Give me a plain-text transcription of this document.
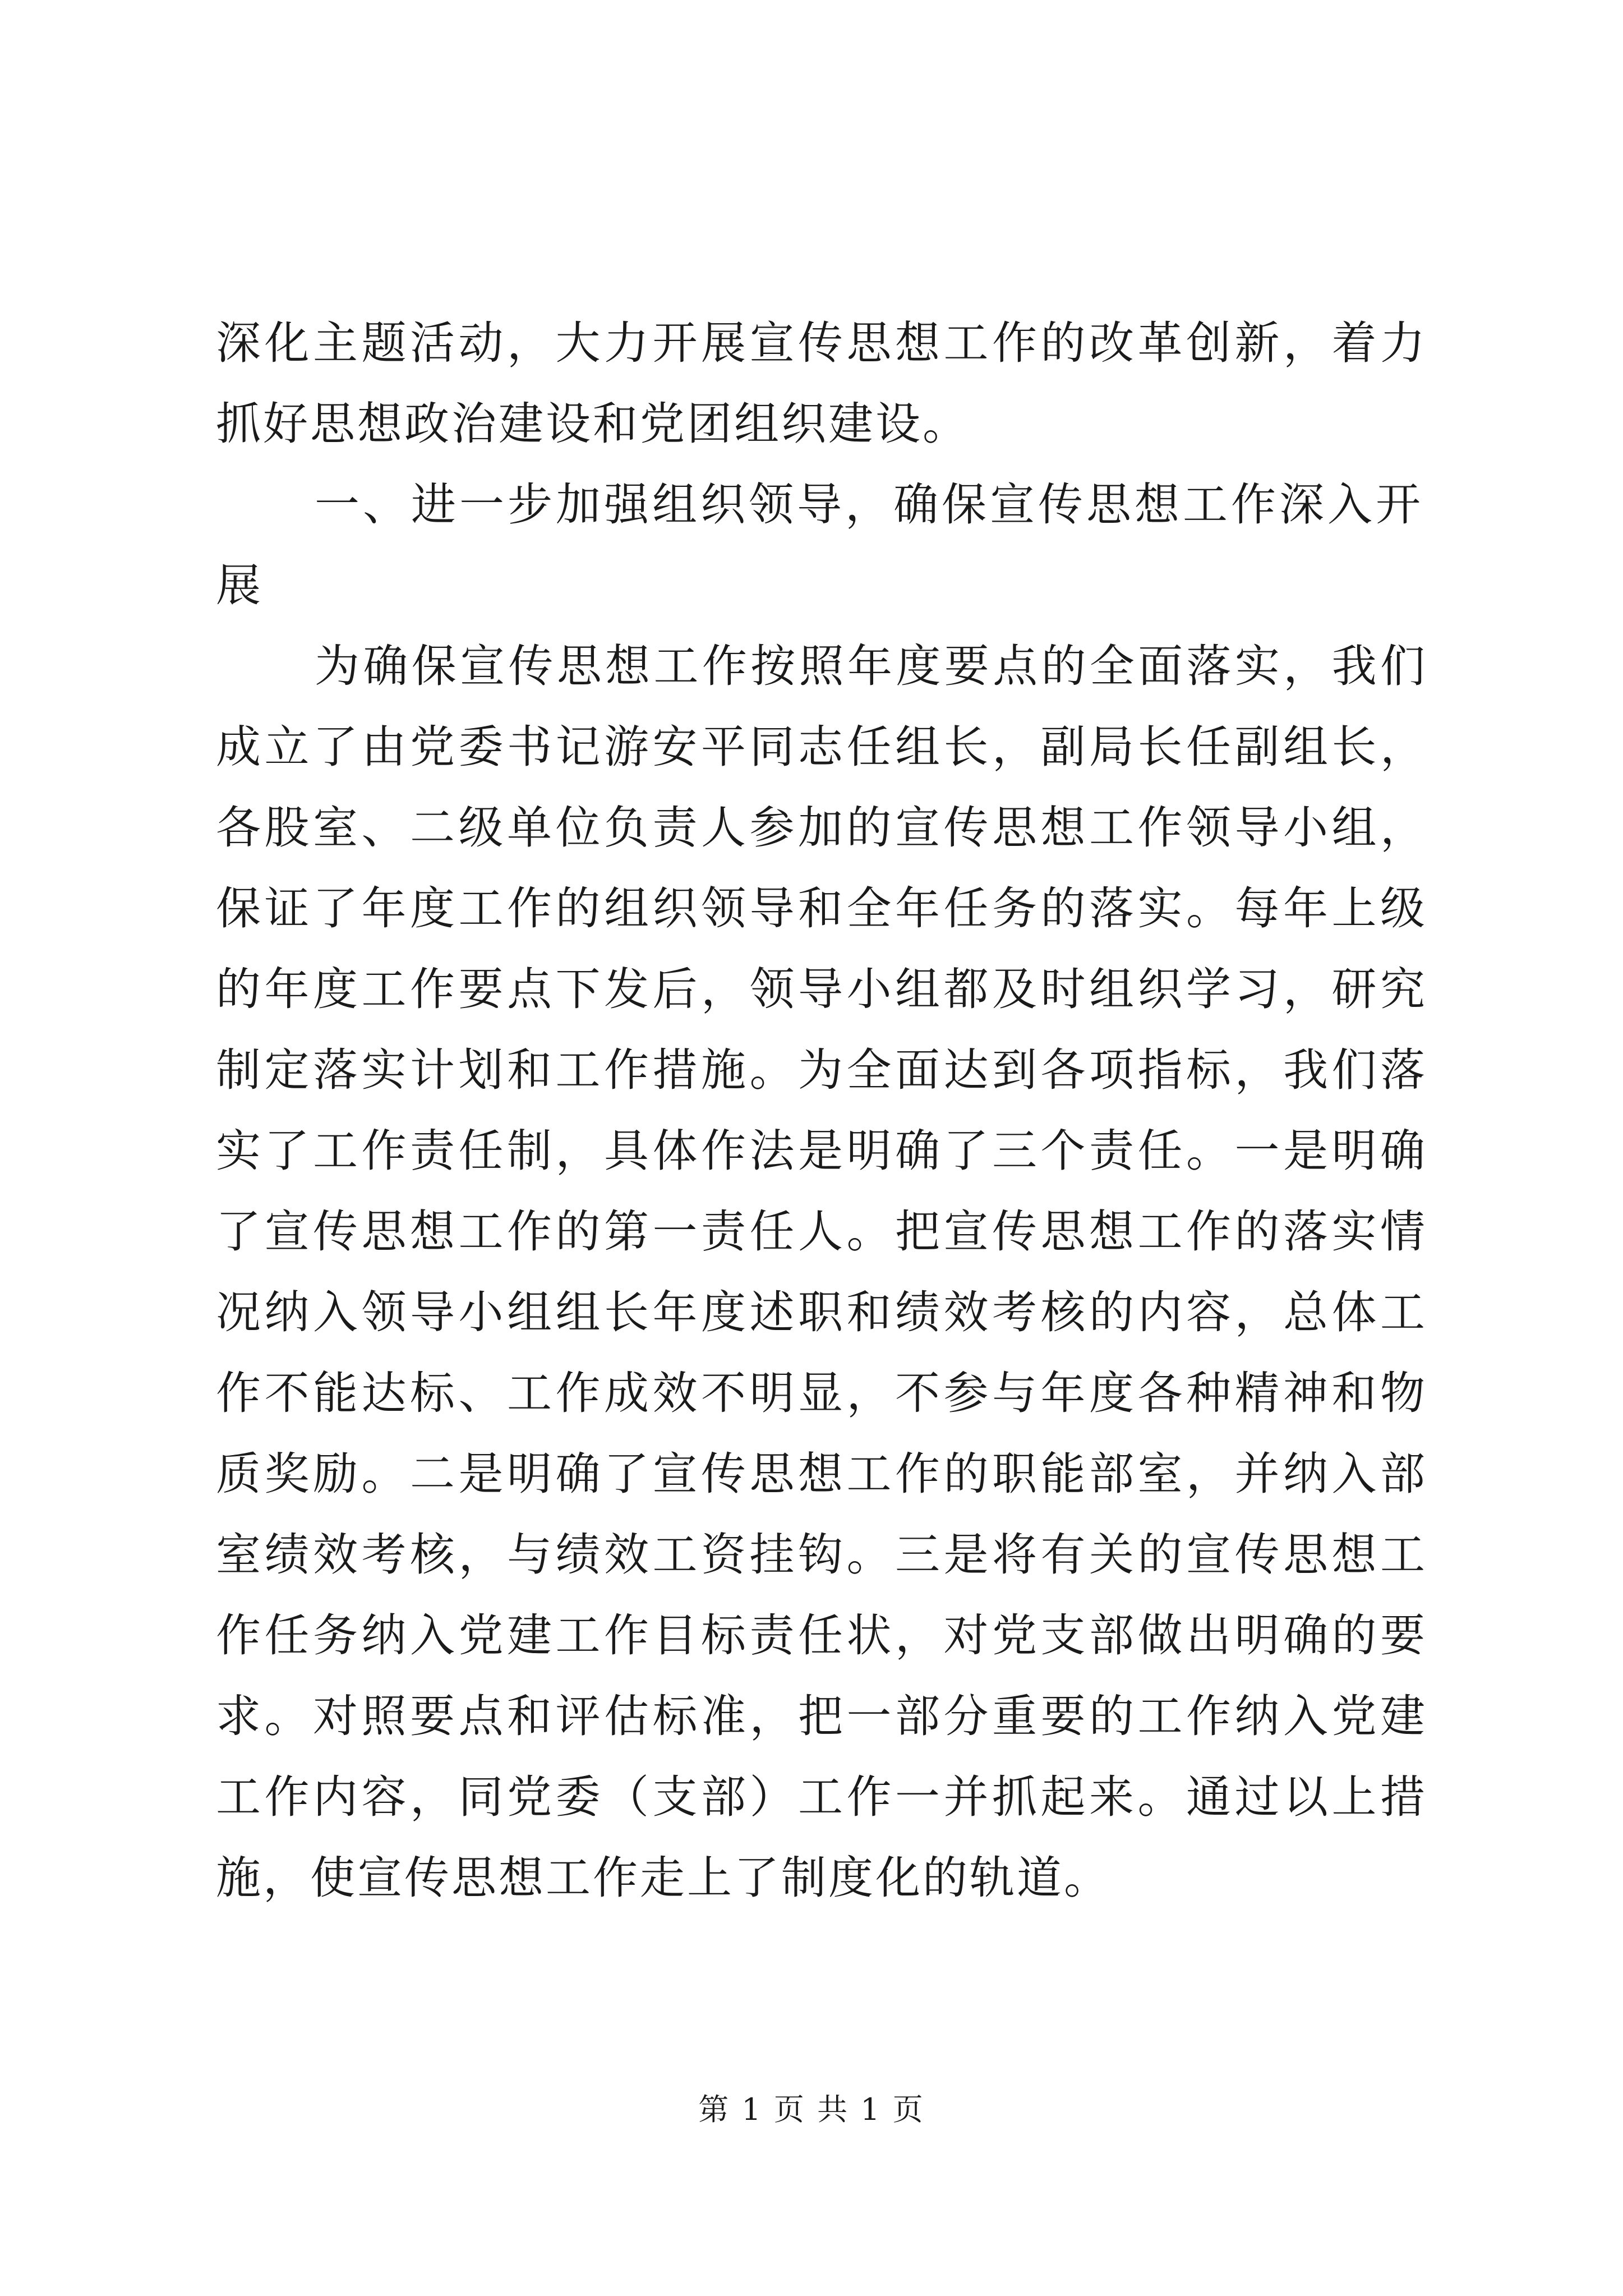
深化主题活动，大力开展宣传思想工作的改革创新，着力抓好思想政治建设和党团组织建设。

一、进一步加强组织领导，确保宣传思想工作深入开展

为确保宣传思想工作按照年度要点的全面落实，我们成立了由党委书记游安平同志任组长，副局长任副组长，各股室、二级单位负责人参加的宣传思想工作领导小组，保证了年度工作的组织领导和全年任务的落实。每年上级的年度工作要点下发后，领导小组都及时组织学习，研究制定落实计划和工作措施。为全面达到各项指标，我们落实了工作责任制，具体作法是明确了三个责任。一是明确了宣传思想工作的第一责任人。把宣传思想工作的落实情况纳入领导小组组长年度述职和绩效考核的内容，总体工作不能达标、工作成效不明显，不参与年度各种精神和物质奖励。二是明确了宣传思想工作的职能部室，并纳入部室绩效考核，与绩效工资挂钩。三是将有关的宣传思想工作任务纳入党建工作目标责任状，对党支部做出明确的要求。对照要点和评估标准，把一部分重要的工作纳入党建工作内容，同党委（支部）工作一并抓起来。通过以上措施，使宣传思想工作走上了制度化的轨道。

第 1 页 共 1 页
